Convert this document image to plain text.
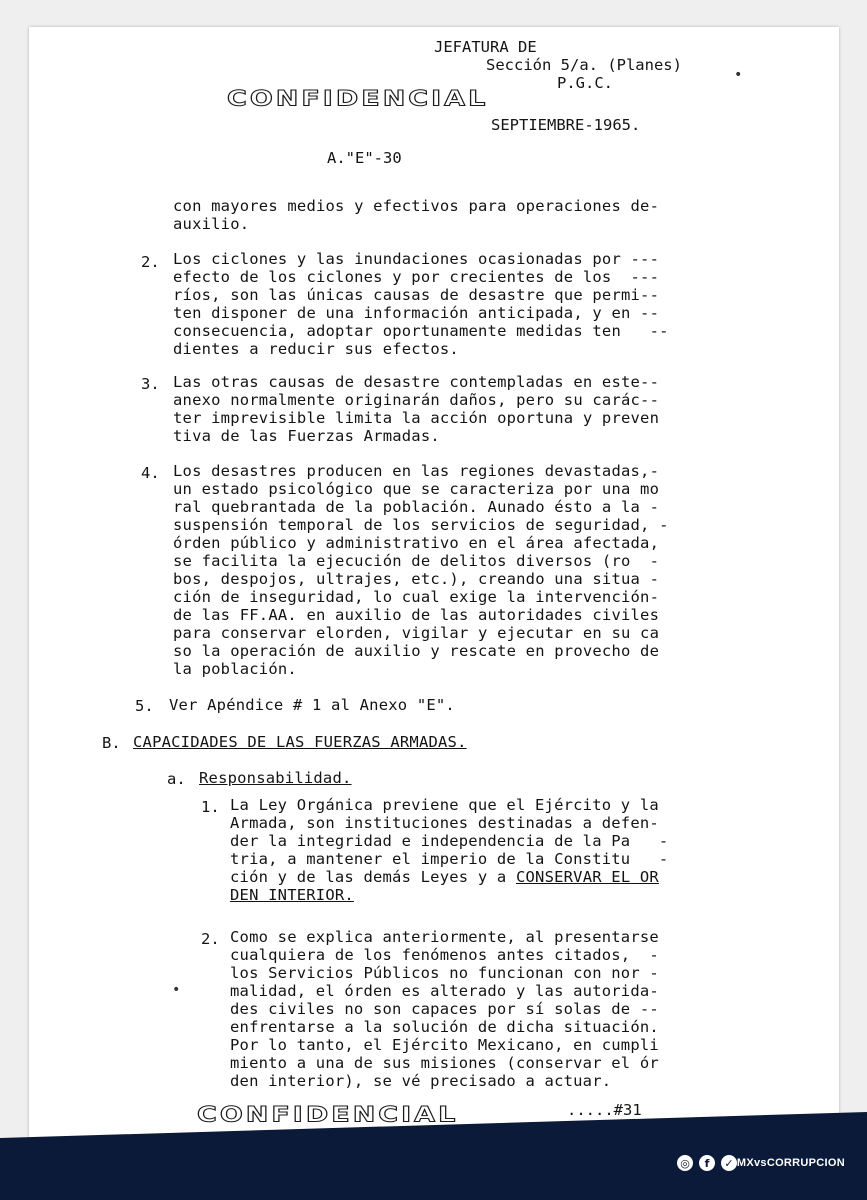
JEFATURA DE
Sección 5/a. (Planes)
P.G.C.
CONFIDENCIAL
SEPTIEMBRE-1965.
A."E"-30
•
con mayores medios y efectivos para operaciones de-
auxilio.
2. Los ciclones y las inundaciones ocasionadas por ---
efecto de los ciclones y por crecientes de los  ---
ríos, son las únicas causas de desastre que permi--
ten disponer de una información anticipada, y en --
consecuencia, adoptar oportunamente medidas ten   --
dientes a reducir sus efectos.
3. Las otras causas de desastre contempladas en este--
anexo normalmente originarán daños, pero su carác--
ter imprevisible limita la acción oportuna y preven
tiva de las Fuerzas Armadas.
4. Los desastres producen en las regiones devastadas,-
un estado psicológico que se caracteriza por una mo
ral quebrantada de la población. Aunado ésto a la -
suspensión temporal de los servicios de seguridad, -
órden público y administrativo en el área afectada,
se facilita la ejecución de delitos diversos (ro  -
bos, despojos, ultrajes, etc.), creando una situa -
ción de inseguridad, lo cual exige la intervención-
de las FF.AA. en auxilio de las autoridades civiles
para conservar elorden, vigilar y ejecutar en su ca
so la operación de auxilio y rescate en provecho de
la población.
5. Ver Apéndice # 1 al Anexo "E".
B. CAPACIDADES DE LAS FUERZAS ARMADAS.
a. Responsabilidad.
1. La Ley Orgánica previene que el Ejército y la
Armada, son instituciones destinadas a defen-
der la integridad e independencia de la Pa   -
tria, a mantener el imperio de la Constitu   -
ción y de las demás Leyes y a CONSERVAR EL OR
DEN INTERIOR.
2. Como se explica anteriormente, al presentarse
cualquiera de los fenómenos antes citados,  -
los Servicios Públicos no funcionan con nor -
malidad, el órden es alterado y las autorida-
des civiles no son capaces por sí solas de --
enfrentarse a la solución de dicha situación.
Por lo tanto, el Ejército Mexicano, en cumpli
miento a una de sus misiones (conservar el ór
den interior), se vé precisado a actuar.
•
CONFIDENCIAL	.....#31
◎	f	✓ MXvsCORRUPCION
